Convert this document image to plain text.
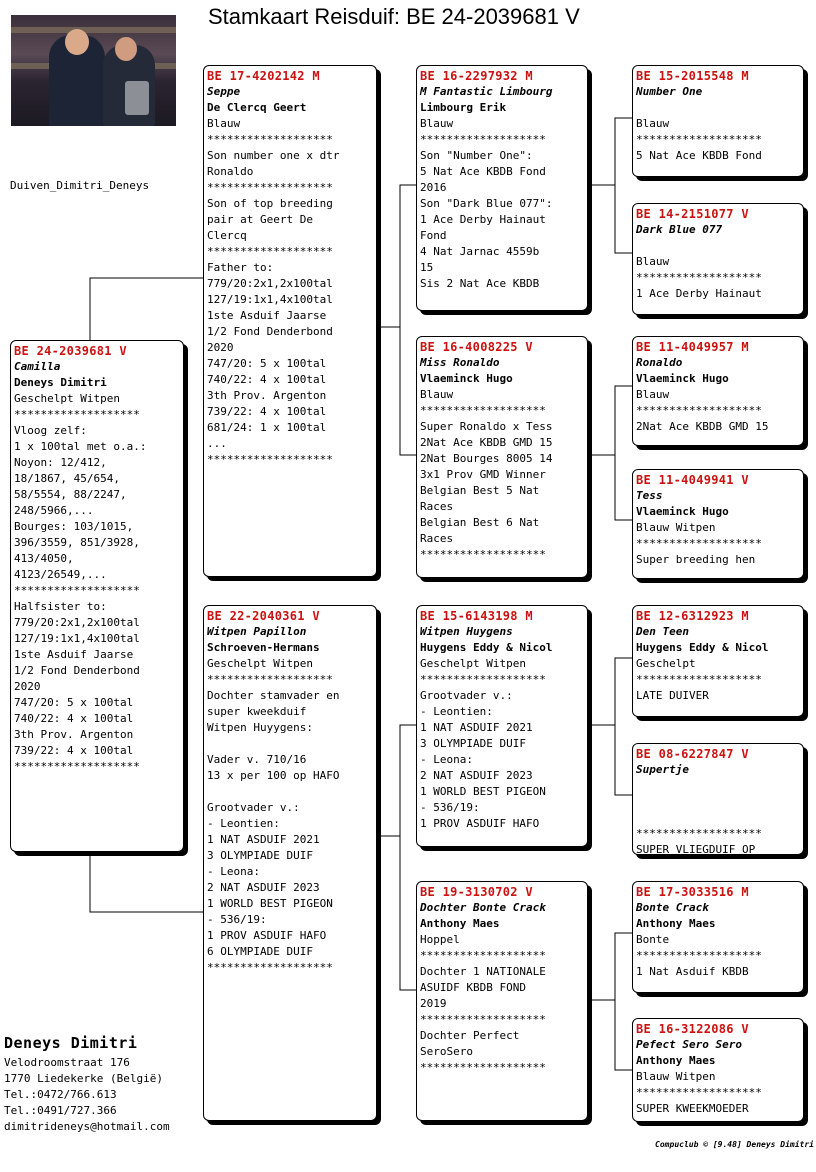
Stamkaart Reisduif: BE 24-2039681 V
Duiven_Dimitri_Deneys
BE 24-2039681 V
Camilla
Deneys Dimitri
Geschelpt Witpen
*******************
Vloog zelf:
1 x 100tal met o.a.:
Noyon: 12/412,
18/1867, 45/654,
58/5554, 88/2247,
248/5966,...
Bourges: 103/1015,
396/3559, 851/3928,
413/4050,
4123/26549,...
*******************
Halfsister to:
779/20:2x1,2x100tal
127/19:1x1,4x100tal
1ste Asduif Jaarse
1/2 Fond Denderbond
2020
747/20: 5 x 100tal
740/22: 4 x 100tal
3th Prov. Argenton
739/22: 4 x 100tal
*******************
BE 17-4202142 M
Seppe
De Clercq Geert
Blauw
*******************
Son number one x dtr
Ronaldo
*******************
Son of top breeding
pair at Geert De
Clercq
*******************
Father to:
779/20:2x1,2x100tal
127/19:1x1,4x100tal
1ste Asduif Jaarse
1/2 Fond Denderbond
2020
747/20: 5 x 100tal
740/22: 4 x 100tal
3th Prov. Argenton
739/22: 4 x 100tal
681/24: 1 x 100tal
...
*******************
BE 22-2040361 V
Witpen Papillon
Schroeven-Hermans
Geschelpt Witpen
*******************
Dochter stamvader en
super kweekduif
Witpen Huyygens:
Vader v. 710/16
13 x per 100 op HAFO
Grootvader v.:
- Leontien:
1 NAT ASDUIF 2021
3 OLYMPIADE DUIF
- Leona:
2 NAT ASDUIF 2023
1 WORLD BEST PIGEON
- 536/19:
1 PROV ASDUIF HAFO
6 OLYMPIADE DUIF
*******************
BE 16-2297932 M
M Fantastic Limbourg
Limbourg Erik
Blauw
*******************
Son "Number One":
5 Nat Ace KBDB Fond
2016
Son "Dark Blue 077":
1 Ace Derby Hainaut
Fond
4 Nat Jarnac 4559b
15
Sis 2 Nat Ace KBDB
BE 16-4008225 V
Miss Ronaldo
Vlaeminck Hugo
Blauw
*******************
Super Ronaldo x Tess
2Nat Ace KBDB GMD 15
2Nat Bourges 8005 14
3x1 Prov GMD Winner
Belgian Best 5 Nat
Races
Belgian Best 6 Nat
Races
*******************
BE 15-6143198 M
Witpen Huygens
Huygens Eddy & Nicol
Geschelpt Witpen
*******************
Grootvader v.:
- Leontien:
1 NAT ASDUIF 2021
3 OLYMPIADE DUIF
- Leona:
2 NAT ASDUIF 2023
1 WORLD BEST PIGEON
- 536/19:
1 PROV ASDUIF HAFO
BE 19-3130702 V
Dochter Bonte Crack
Anthony Maes
Hoppel
*******************
Dochter 1 NATIONALE
ASUIDF KBDB FOND
2019
*******************
Dochter Perfect
SeroSero
*******************
BE 15-2015548 M
Number One
Blauw
*******************
5 Nat Ace KBDB Fond
BE 14-2151077 V
Dark Blue 077
Blauw
*******************
1 Ace Derby Hainaut
BE 11-4049957 M
Ronaldo
Vlaeminck Hugo
Blauw
*******************
2Nat Ace KBDB GMD 15
BE 11-4049941 V
Tess
Vlaeminck Hugo
Blauw Witpen
*******************
Super breeding hen
BE 12-6312923 M
Den Teen
Huygens Eddy & Nicol
Geschelpt
*******************
LATE DUIVER
BE 08-6227847 V
Supertje
*******************
SUPER VLIEGDUIF OP
BE 17-3033516 M
Bonte Crack
Anthony Maes
Bonte
*******************
1 Nat Asduif KBDB
BE 16-3122086 V
Pefect Sero Sero
Anthony Maes
Blauw Witpen
*******************
SUPER KWEEKMOEDER
Deneys Dimitri
Velodroomstraat 176
1770 Liedekerke (België)
Tel.:0472/766.613
Tel.:0491/727.366
dimitrideneys@hotmail.com
Compuclub © [9.48] Deneys Dimitri
